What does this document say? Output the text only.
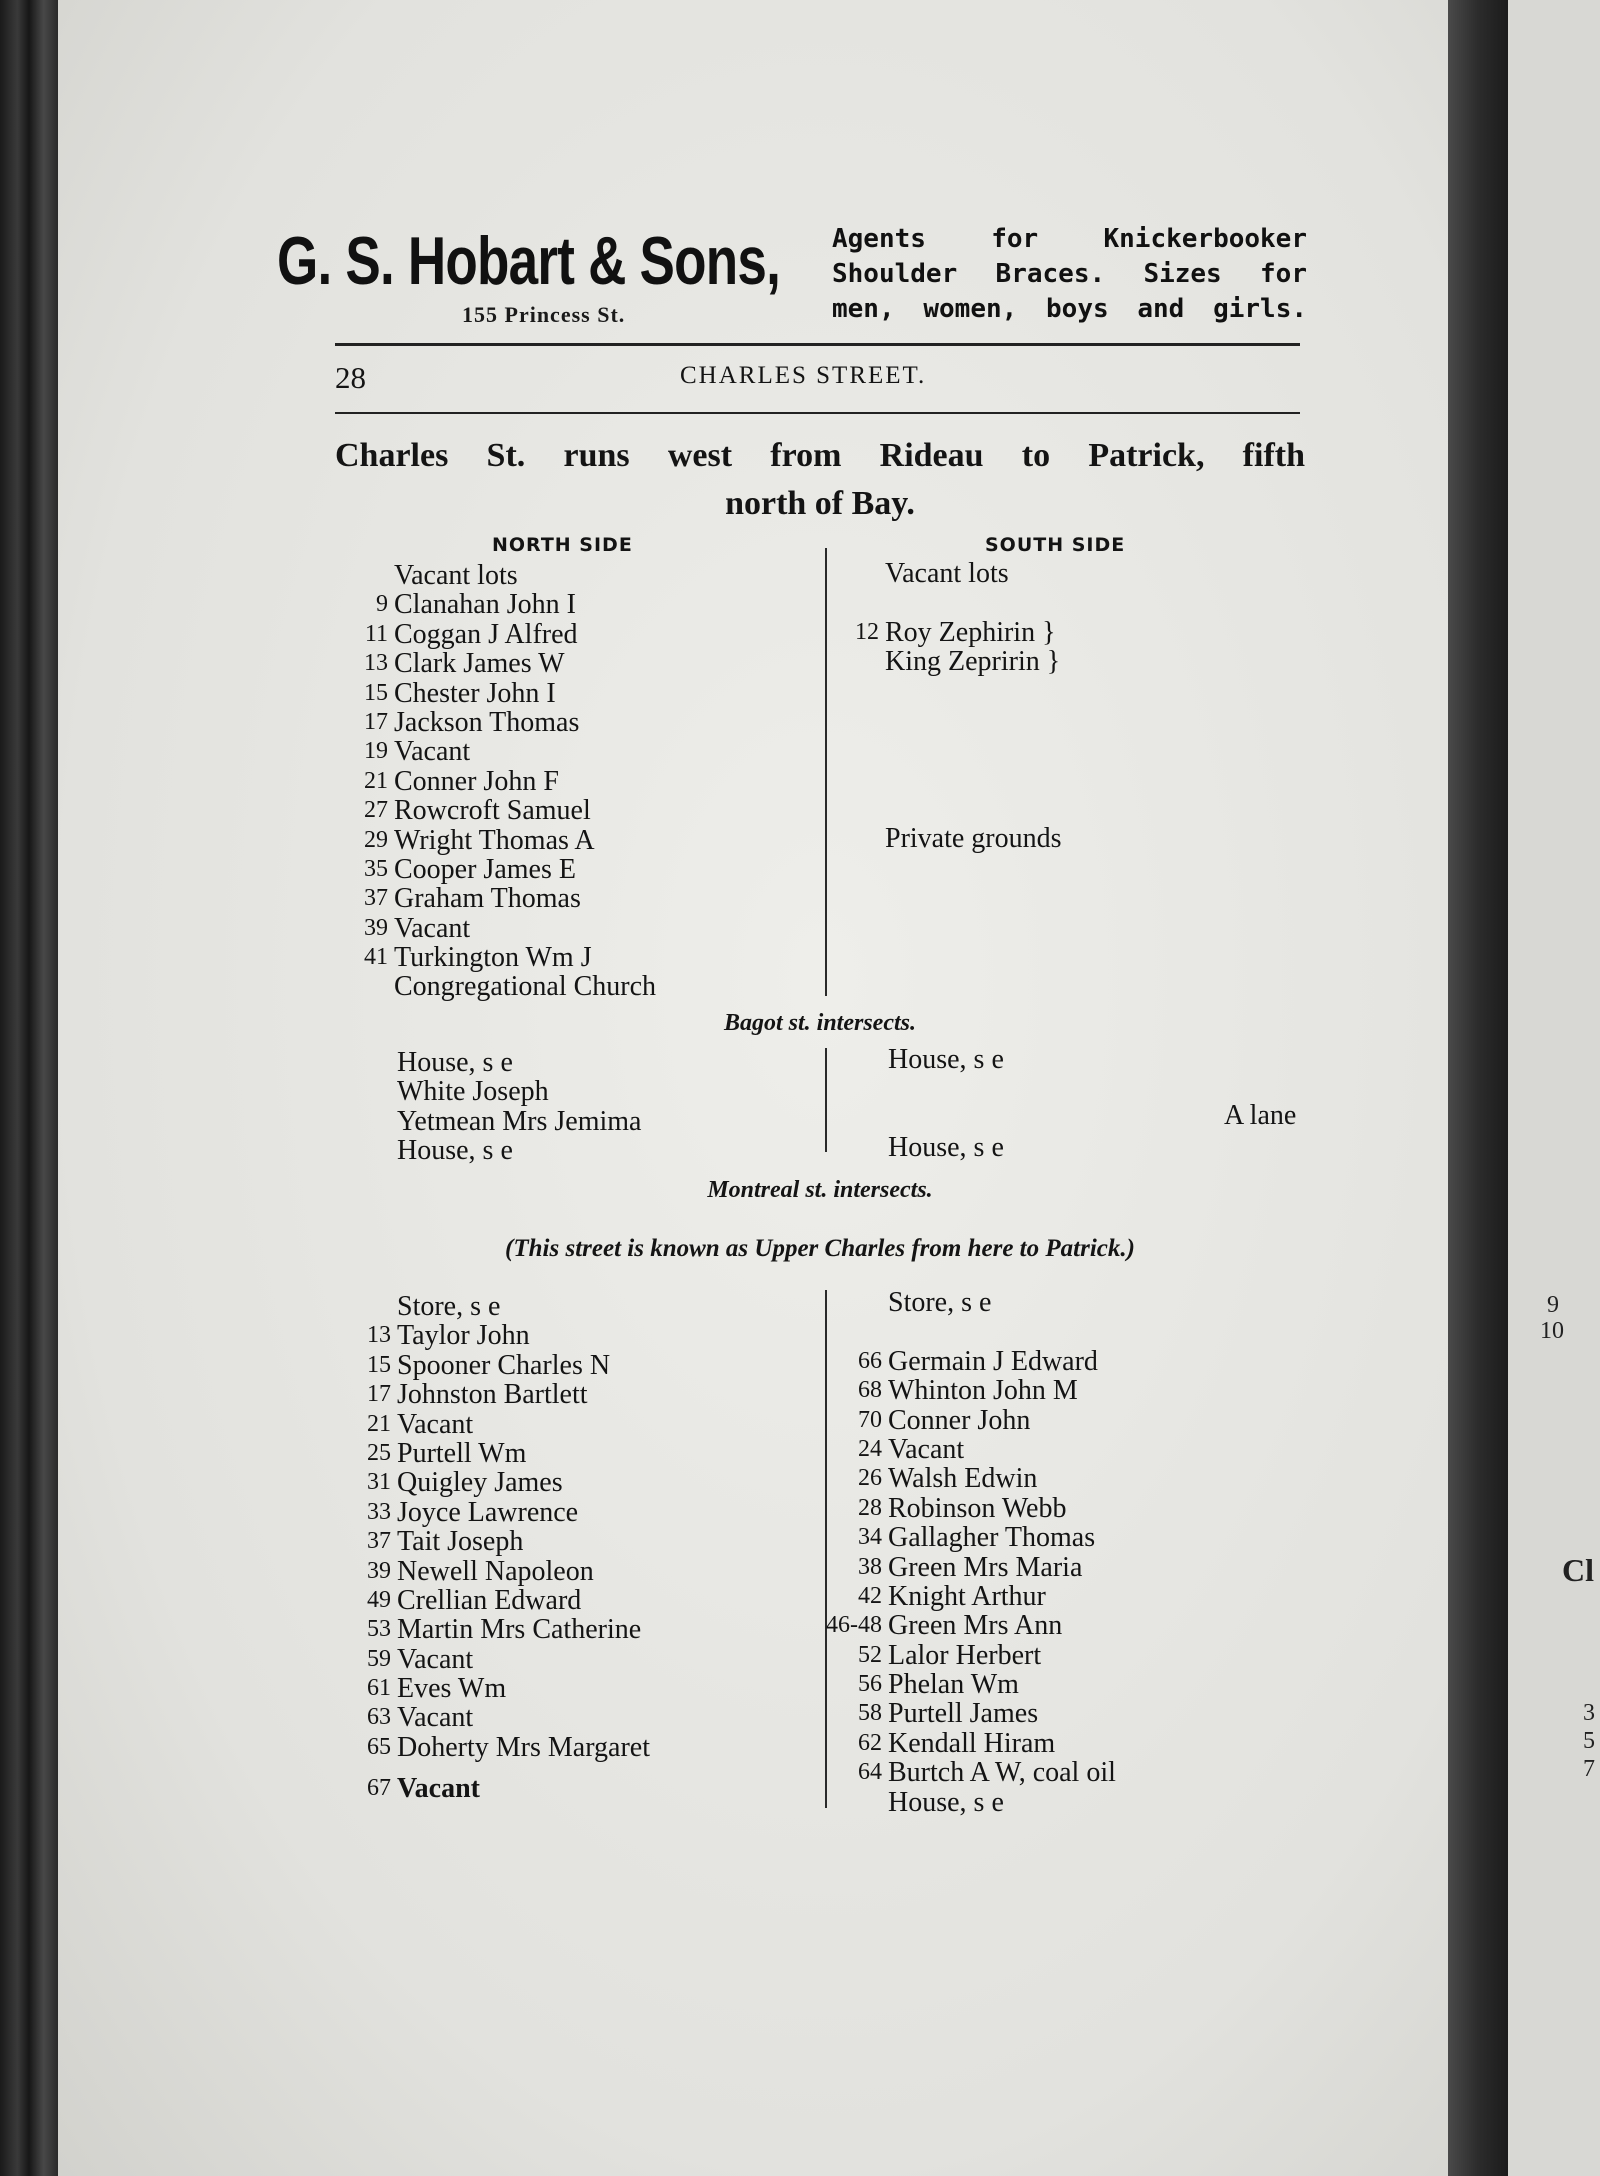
9
10
Cl
3
5
7
G. S. Hobart & Sons,
155 Princess St.
Agents for Knickerbooker
Shoulder Braces. Sizes for
men, women, boys and girls.
28	CHARLES STREET.
Charles St. runs west from Rideau to Patrick, fifth
north of Bay.
NORTH SIDE	SOUTH SIDE
Vacant lots
9 Clanahan John I
11 Coggan J Alfred
13 Clark James W
15 Chester John I
17 Jackson Thomas
19 Vacant
21 Conner John F
27 Rowcroft Samuel
29 Wright Thomas A
35 Cooper James E
37 Graham Thomas
39 Vacant
41 Turkington Wm J
Congregational Church
Vacant lots
12 Roy Zephirin }
King Zepririn }
Private grounds
Bagot st. intersects.
House, s e
White Joseph
Yetmean Mrs Jemima
House, s e
House, s e
House, s e
A lane
Montreal st. intersects.
(This street is known as Upper Charles from here to Patrick.)
Store, s e
13 Taylor John
15 Spooner Charles N
17 Johnston Bartlett
21 Vacant
25 Purtell Wm
31 Quigley James
33 Joyce Lawrence
37 Tait Joseph
39 Newell Napoleon
49 Crellian Edward
53 Martin Mrs Catherine
59 Vacant
61 Eves Wm
63 Vacant
65 Doherty Mrs Margaret
67 Vacant
Store, s e
66 Germain J Edward
68 Whinton John M
70 Conner John
24 Vacant
26 Walsh Edwin
28 Robinson Webb
34 Gallagher Thomas
38 Green Mrs Maria
42 Knight Arthur
46-48 Green Mrs Ann
52 Lalor Herbert
56 Phelan Wm
58 Purtell James
62 Kendall Hiram
64 Burtch A W, coal oil
House, s e
